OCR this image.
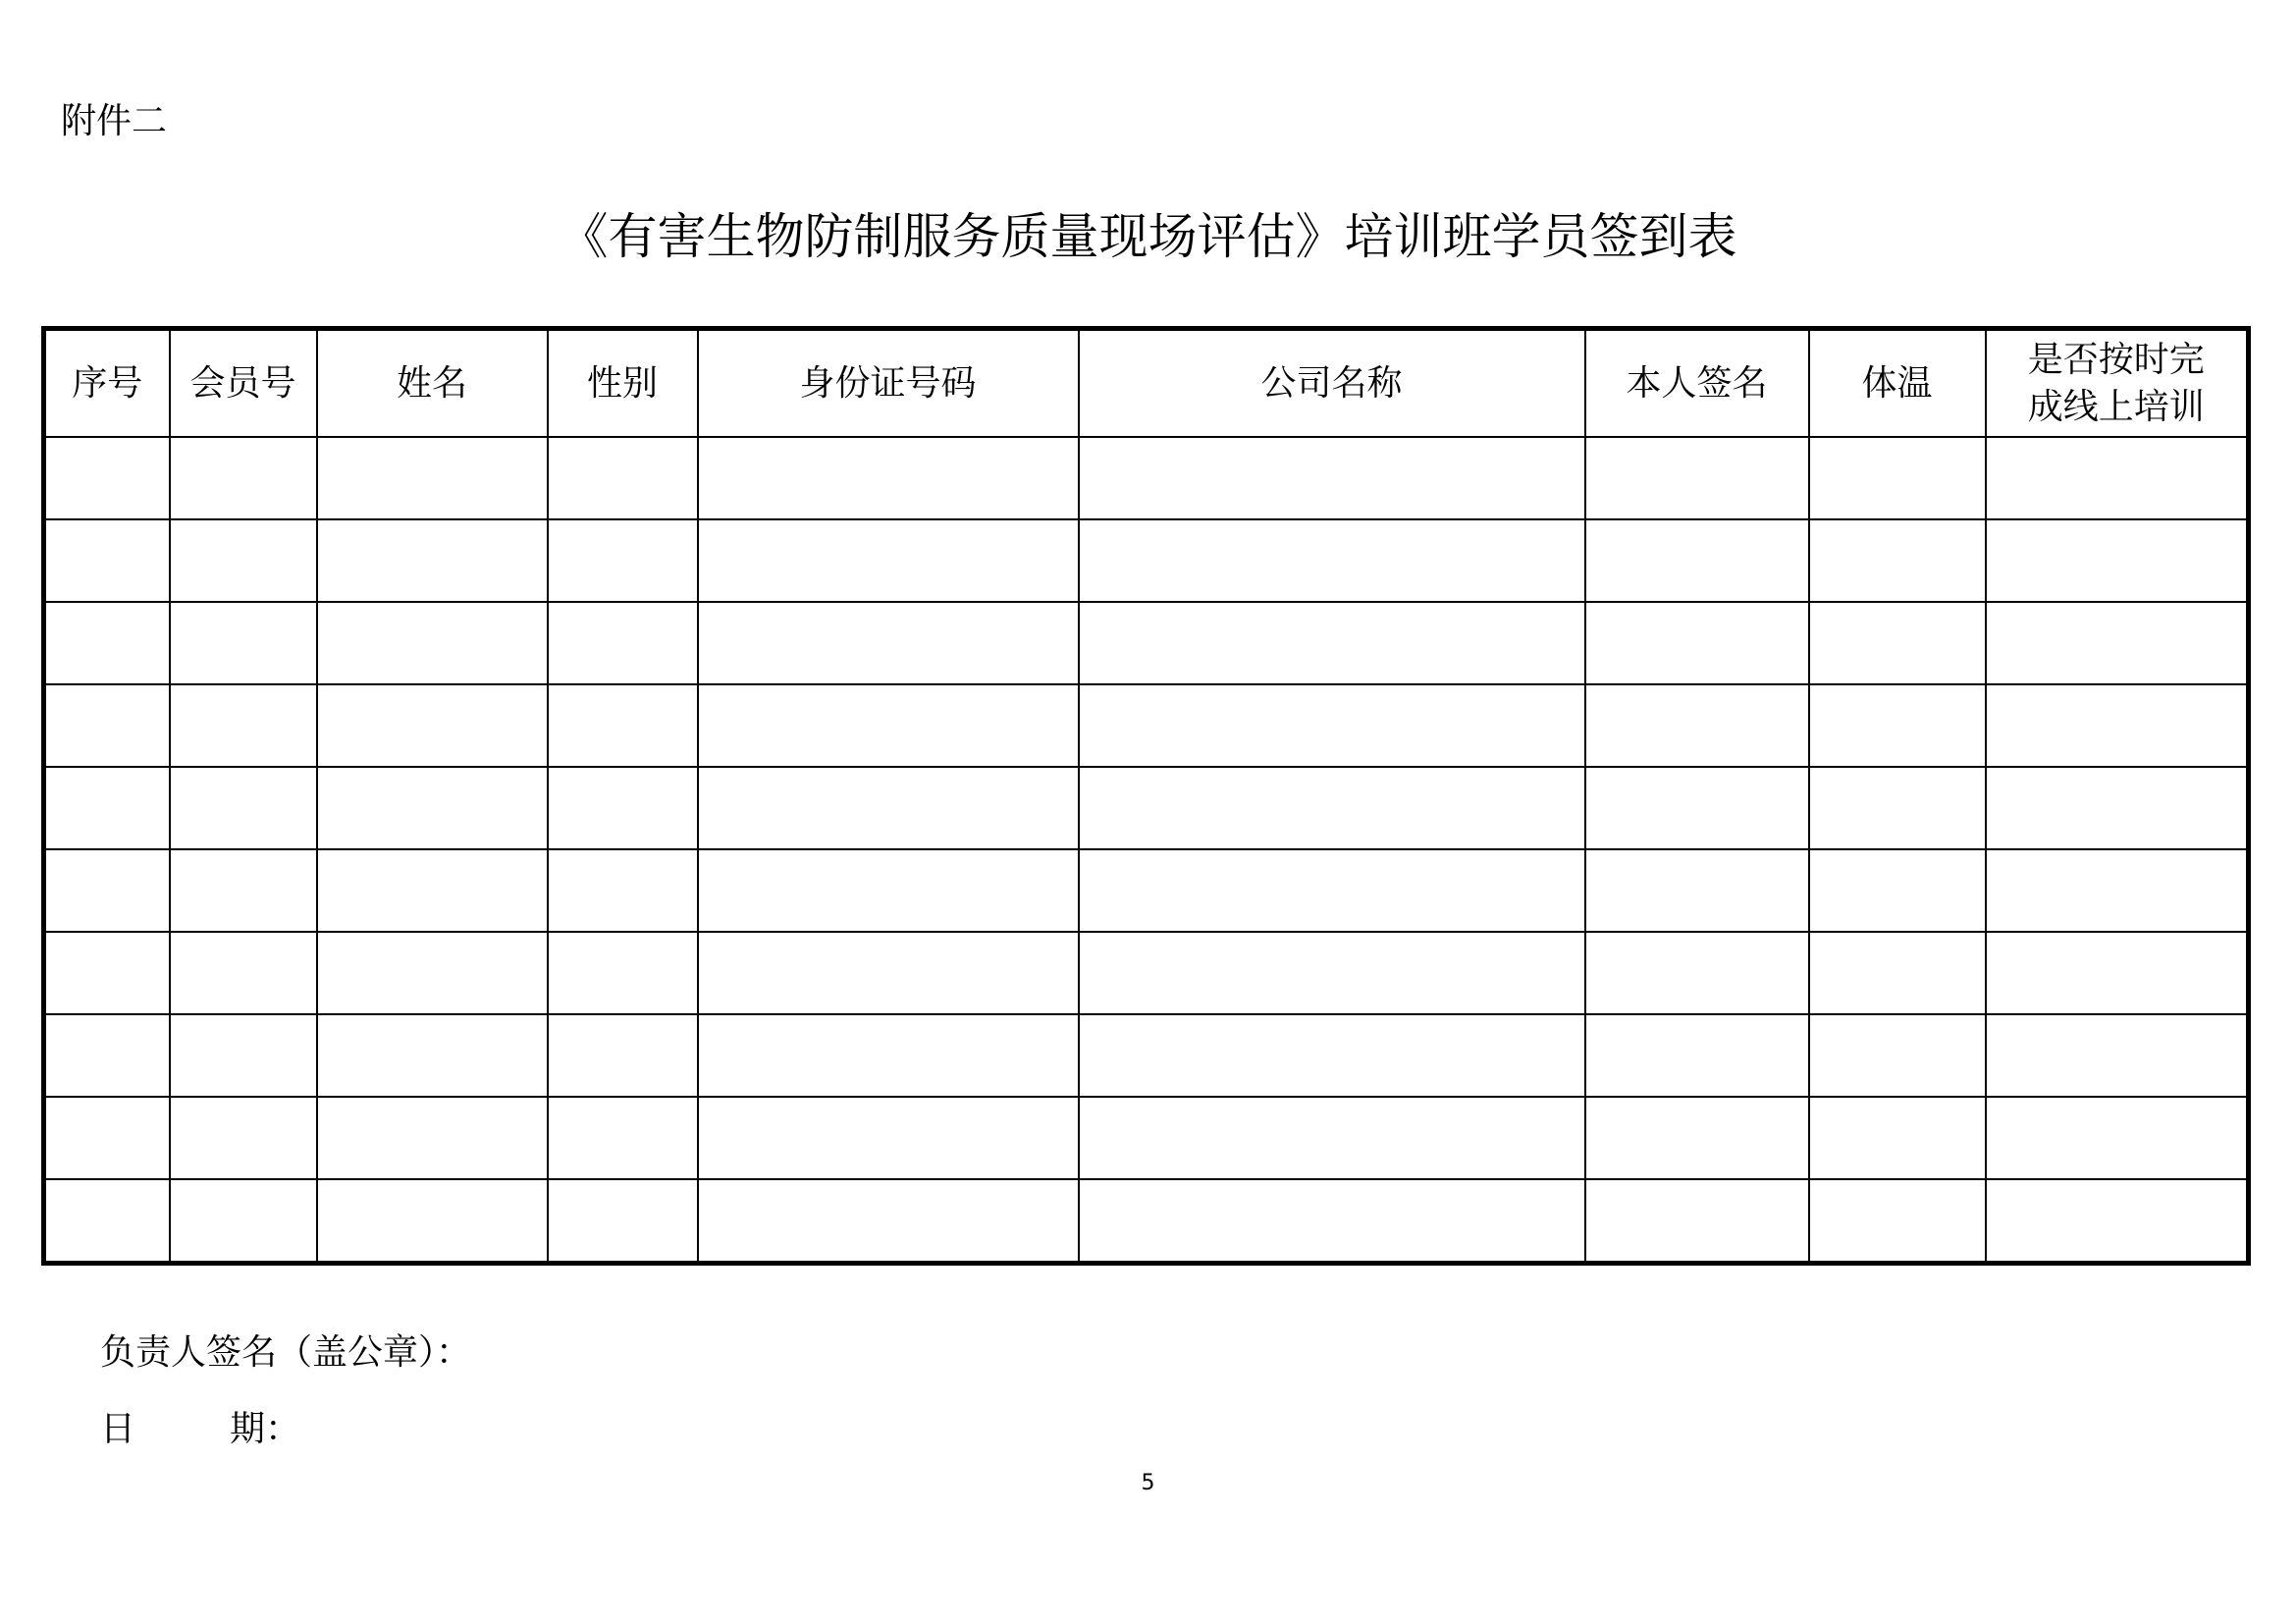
附件二
《有害生物防制服务质量现场评估》培训班学员签到表
序号	会员号	姓名	性别	身份证号码	公司名称	本人签名	体温	是否按时完
成线上培训

负责人签名（盖公章）：
日	期：
5
